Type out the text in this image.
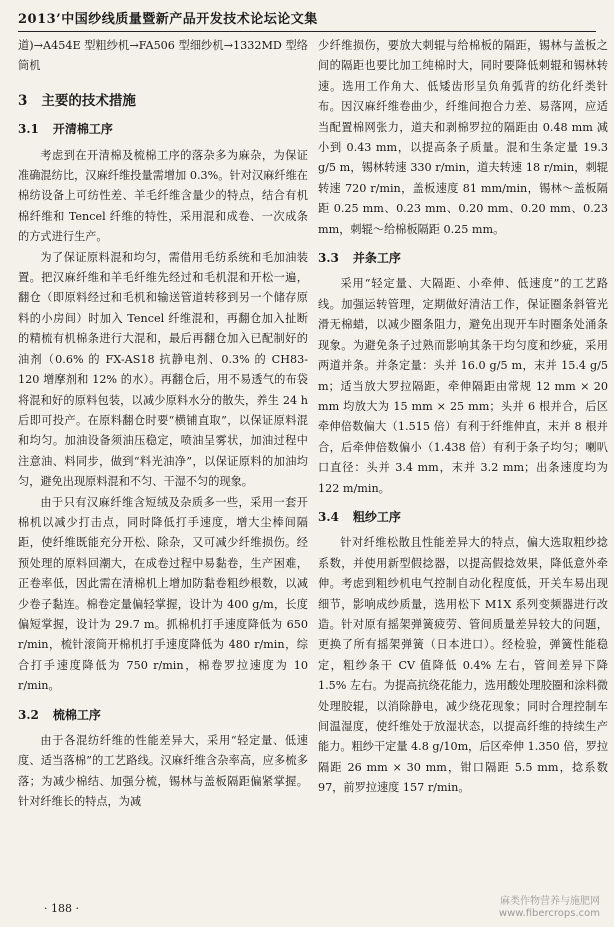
2013’中国纱线质量暨新产品开发技术论坛论文集

道)→A454E 型粗纱机→FA506 型细纱机→1332MD 型络筒机

3 主要的技术措施
3.1 开清棉工序

考虑到在开清棉及梳棉工序的落杂多为麻杂，为保证准确混纺比，汉麻纤维投量需增加 0.3%。针对汉麻纤维在棉纺设备上可纺性差、羊毛纤维含量少的特点，结合有机棉纤维和 Tencel 纤维的特性，采用混和成卷、一次成条的方式进行生产。

为了保证原料混和均匀，需借用毛纺系统和毛加油装置。把汉麻纤维和羊毛纤维先经过和毛机混和开松一遍，翻仓（即原料经过和毛机和输送管道转移到另一个储存原料的小房间）时加入 Tencel 纤维混和，再翻仓加入扯断的精梳有机棉条进行大混和，最后再翻仓加入已配制好的油剂（0.6% 的 FX-AS18 抗静电剂、0.3% 的 CH83-120 增摩剂和 12% 的水）。再翻仓后，用不易透气的布袋将混和好的原料包装，以减少原料水分的散失，养生 24 h 后即可投产。在原料翻仓时要“横铺直取”，以保证原料混和均匀。加油设备须油压稳定，喷油呈雾状，加油过程中注意油、料同步，做到“料光油净”，以保证原料的加油均匀，避免出现原料混和不匀、干湿不匀的现象。

由于只有汉麻纤维含短绒及杂质多一些，采用一套开棉机以减少打击点，同时降低打手速度，增大尘棒间隔距，使纤维既能充分开松、除杂，又可减少纤维损伤。经预处理的原料回潮大，在成卷过程中易黏卷，生产困难，正卷率低，因此需在清棉机上增加防黏卷粗纱根数，以减少卷子黏连。棉卷定量偏轻掌握，设计为 400 g/m，长度偏短掌握，设计为 29.7 m。抓棉机打手速度降低为 650 r/min，梳针滚筒开棉机打手速度降低为 480 r/min，综合打手速度降低为 750 r/min，棉卷罗拉速度为 10 r/min。

3.2 梳棉工序

由于各混纺纤维的性能差异大，采用“轻定量、低速度、适当落棉”的工艺路线。汉麻纤维含杂率高，应多梳多落；为减少棉结、加强分梳，锡林与盖板隔距偏紧掌握。针对纤维长的特点，为减

少纤维损伤，要放大刺辊与给棉板的隔距，锡林与盖板之间的隔距也要比加工纯棉时大，同时要降低刺辊和锡林转速。选用工作角大、低矮齿形呈负角弧背的纺化纤类针布。因汉麻纤维卷曲少，纤维间抱合力差、易落网，应适当配置棉网张力，道夫和剥棉罗拉的隔距由 0.48 mm 减小到 0.43 mm，以提高条子质量。混和生条定量 19.3 g/5 m，锡林转速 330 r/min，道夫转速 18 r/min，刺辊转速 720 r/min，盖板速度 81 mm/min，锡林～盖板隔距 0.25 mm、0.23 mm、0.20 mm、0.20 mm、0.23 mm，刺辊～给棉板隔距 0.25 mm。

3.3 并条工序

采用“轻定量、大隔距、小牵伸、低速度”的工艺路线。加强运转管理，定期做好清洁工作，保证圈条斜管光滑无棉蜡，以减少圈条阻力，避免出现开车时圈条处涌条现象。为避免条子过熟而影响其条干均匀度和纱疵，采用两道并条。并条定量：头并 16.0 g/5 m，末并 15.4 g/5 m；适当放大罗拉隔距，牵伸隔距由常规 12 mm × 20 mm 均放大为 15 mm × 25 mm；头并 6 根并合，后区牵伸倍数偏大（1.515 倍）有利于纤维伸直，末并 8 根并合，后牵伸倍数偏小（1.438 倍）有利于条子均匀；喇叭口直径：头并 3.4 mm，末并 3.2 mm；出条速度均为 122 m/min。

3.4 粗纱工序

针对纤维松散且性能差异大的特点，偏大选取粗纱捻系数，并使用新型假捻器，以提高假捻效果，降低意外牵伸。考虑到粗纱机电气控制自动化程度低，开关车易出现细节，影响成纱质量，选用松下 M1X 系列变频器进行改造。针对原有摇架弹簧疲劳、管间质量差异较大的问题，更换了所有摇架弹簧（日本进口）。经检验，弹簧性能稳定，粗纱条干 CV 值降低 0.4% 左右，管间差异下降 1.5% 左右。为提高抗绕花能力，选用酸处理胶圈和涂料微处理胶辊，以消除静电，减少绕花现象；同时合理控制车间温湿度，使纤维处于放湿状态，以提高纤维的持续生产能力。粗纱干定量 4.8 g/10m，后区牵伸 1.350 倍，罗拉隔距 26 mm × 30 mm，钳口隔距 5.5 mm，捻系数 97，前罗拉速度 157 r/min。

· 188 ·
麻类作物营养与施肥网
www.fibercrops.com
